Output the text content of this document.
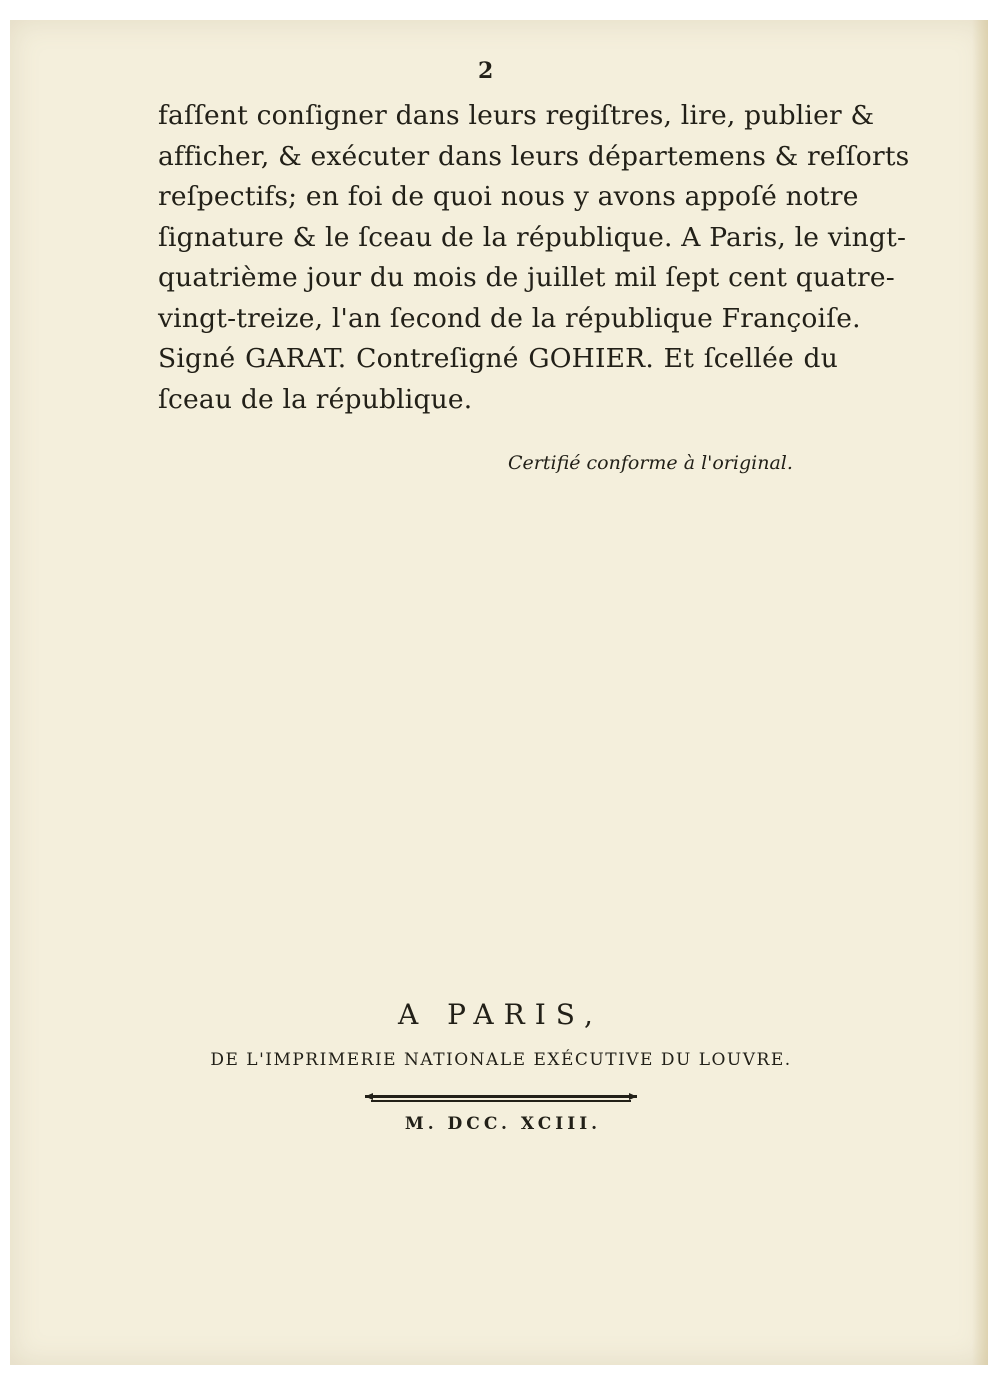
2
faſſent conſigner dans leurs regiſtres, lire, publier &
afficher, & exécuter dans leurs départemens & reſſorts
reſpectifs; en foi de quoi nous y avons appoſé notre
ſignature & le ſceau de la république. A Paris, le vingt-
quatrième jour du mois de juillet mil ſept cent quatre-
vingt-treize, l'an ſecond de la république Françoiſe.
Signé GARAT. Contreſigné GOHIER. Et ſcellée du
ſceau de la république.
Certifié conforme à l'original.
A PARIS,
DE L'IMPRIMERIE NATIONALE EXÉCUTIVE DU LOUVRE.
M. DCC. XCIII.
